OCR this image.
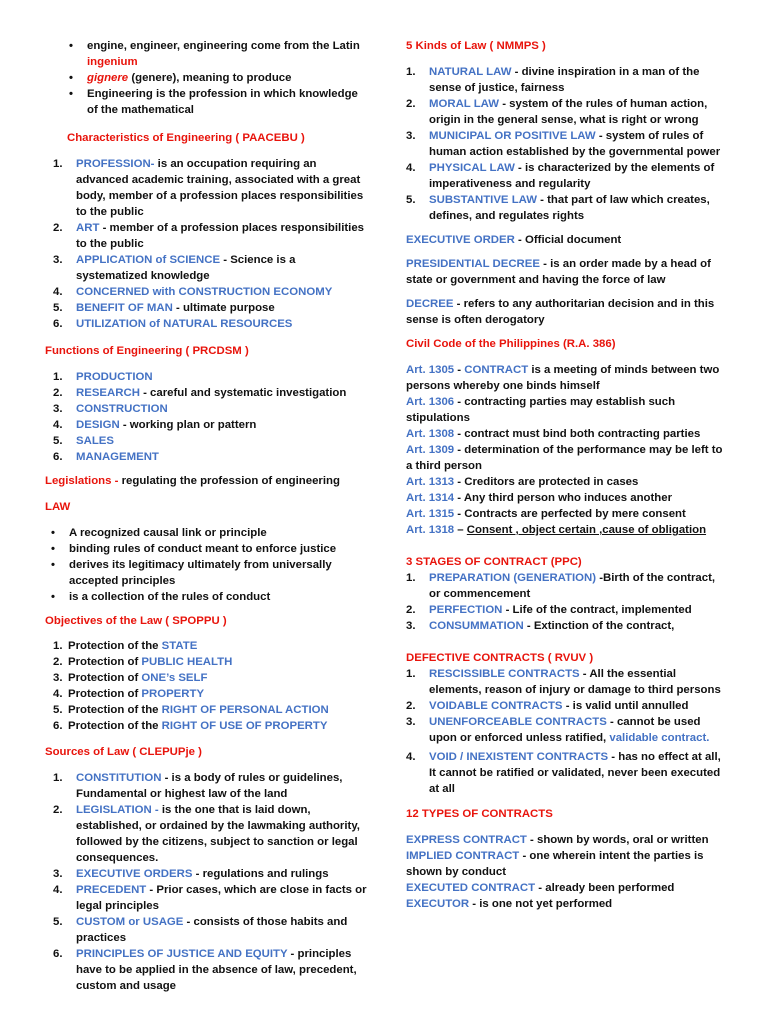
• engine, engineer, engineering come from the Latin ingenium
• gignere (genere), meaning to produce
• Engineering is the profession in which knowledge of the mathematical

Characteristics of Engineering ( PAACEBU )

1. PROFESSION- is an occupation requiring an advanced academic training, associated with a great body, member of a profession places responsibilities to the public
2. ART - member of a profession places responsibilities to the public
3. APPLICATION of SCIENCE - Science is a systematized knowledge
4. CONCERNED with CONSTRUCTION ECONOMY
5. BENEFIT OF MAN - ultimate purpose
6. UTILIZATION of NATURAL RESOURCES

Functions of Engineering ( PRCDSM )

1. PRODUCTION
2. RESEARCH - careful and systematic investigation
3. CONSTRUCTION
4. DESIGN - working plan or pattern
5. SALES
6. MANAGEMENT

Legislations - regulating the profession of engineering

LAW

• A recognized causal link or principle
• binding rules of conduct meant to enforce justice
• derives its legitimacy ultimately from universally accepted principles
• is a collection of the rules of conduct

Objectives of the Law ( SPOPPU )

1. Protection of the STATE
2. Protection of PUBLIC HEALTH
3. Protection of ONE’s SELF
4. Protection of PROPERTY
5. Protection of the RIGHT OF PERSONAL ACTION
6. Protection of the RIGHT OF USE OF PROPERTY

Sources of Law ( CLEPUPje )

1. CONSTITUTION - is a body of rules or guidelines, Fundamental or highest law of the land
2. LEGISLATION - is the one that is laid down, established, or ordained by the lawmaking authority, followed by the citizens, subject to sanction or legal consequences.
3. EXECUTIVE ORDERS - regulations and rulings
4. PRECEDENT - Prior cases, which are close in facts or legal principles
5. CUSTOM or USAGE - consists of those habits and practices
6. PRINCIPLES OF JUSTICE AND EQUITY - principles have to be applied in the absence of law, precedent, custom and usage

5 Kinds of Law ( NMMPS )

1. NATURAL LAW - divine inspiration in a man of the sense of justice, fairness
2. MORAL LAW - system of the rules of human action, origin in the general sense, what is right or wrong
3. MUNICIPAL OR POSITIVE LAW - system of rules of human action established by the governmental power
4. PHYSICAL LAW - is characterized by the elements of imperativeness and regularity
5. SUBSTANTIVE LAW - that part of law which creates, defines, and regulates rights

EXECUTIVE ORDER - Official document

PRESIDENTIAL DECREE - is an order made by a head of state or government and having the force of law

DECREE - refers to any authoritarian decision and in this sense is often derogatory

Civil Code of the Philippines (R.A. 386)

Art. 1305 - CONTRACT is a meeting of minds between two persons whereby one binds himself

Art. 1306 - contracting parties may establish such stipulations

Art. 1308 - contract must bind both contracting parties

Art. 1309 - determination of the performance may be left to a third person

Art. 1313 - Creditors are protected in cases

Art. 1314 - Any third person who induces another

Art. 1315 - Contracts are perfected by mere consent

Art. 1318 – Consent , object certain ,cause of obligation

3 STAGES OF CONTRACT (PPC)

1. PREPARATION (GENERATION) -Birth of the contract, or commencement
2. PERFECTION - Life of the contract, implemented
3. CONSUMMATION - Extinction of the contract,

DEFECTIVE CONTRACTS ( RVUV )

1. RESCISSIBLE CONTRACTS - All the essential elements, reason of injury or damage to third persons
2. VOIDABLE CONTRACTS - is valid until annulled
3. UNENFORCEABLE CONTRACTS - cannot be used upon or enforced unless ratified, validable contract.
4. VOID / INEXISTENT CONTRACTS - has no effect at all, It cannot be ratified or validated, never been executed at all

12 TYPES OF CONTRACTS

EXPRESS CONTRACT - shown by words, oral or written

IMPLIED CONTRACT - one wherein intent the parties is shown by conduct

EXECUTED CONTRACT - already been performed

EXECUTOR - is one not yet performed
